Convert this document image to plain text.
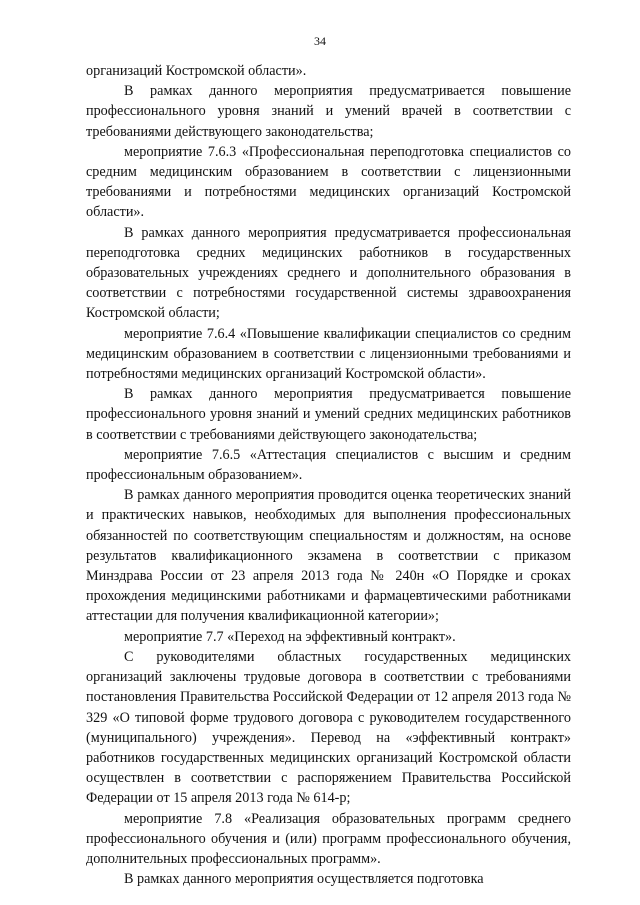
34

организаций Костромской области».

В рамках данного мероприятия предусматривается повышение профессионального уровня знаний и умений врачей в соответствии с требованиями действующего законодательства;

мероприятие 7.6.3 «Профессиональная переподготовка специалистов со средним медицинским образованием в соответствии с лицензионными требованиями и потребностями медицинских организаций Костромской области».

В рамках данного мероприятия предусматривается профессиональная переподготовка средних медицинских работников в государственных образовательных учреждениях среднего и дополнительного образования в соответствии с потребностями государственной системы здравоохранения Костромской области;

мероприятие 7.6.4 «Повышение квалификации специалистов со средним медицинским образованием в соответствии с лицензионными требованиями и потребностями медицинских организаций Костромской области».

В рамках данного мероприятия предусматривается повышение профессионального уровня знаний и умений средних медицинских работников в соответствии с требованиями действующего законодательства;

мероприятие 7.6.5 «Аттестация специалистов с высшим и средним профессиональным образованием».

В рамках данного мероприятия проводится оценка теоретических знаний и практических навыков, необходимых для выполнения профессиональных обязанностей по соответствующим специальностям и должностям, на основе результатов квалификационного экзамена в соответствии с приказом Минздрава России от 23 апреля 2013 года № 240н «О Порядке и сроках прохождения медицинскими работниками и фармацевтическими работниками аттестации для получения квалификационной категории»;

мероприятие 7.7 «Переход на эффективный контракт».

С руководителями областных государственных медицинских организаций заключены трудовые договора в соответствии с требованиями постановления Правительства Российской Федерации от 12 апреля 2013 года № 329 «О типовой форме трудового договора с руководителем государственного (муниципального) учреждения». Перевод на «эффективный контракт» работников государственных медицинских организаций Костромской области осуществлен в соответствии с распоряжением Правительства Российской Федерации от 15 апреля 2013 года № 614-р;

мероприятие 7.8 «Реализация образовательных программ среднего профессионального обучения и (или) программ профессионального обучения, дополнительных профессиональных программ».

В рамках данного мероприятия осуществляется подготовка
